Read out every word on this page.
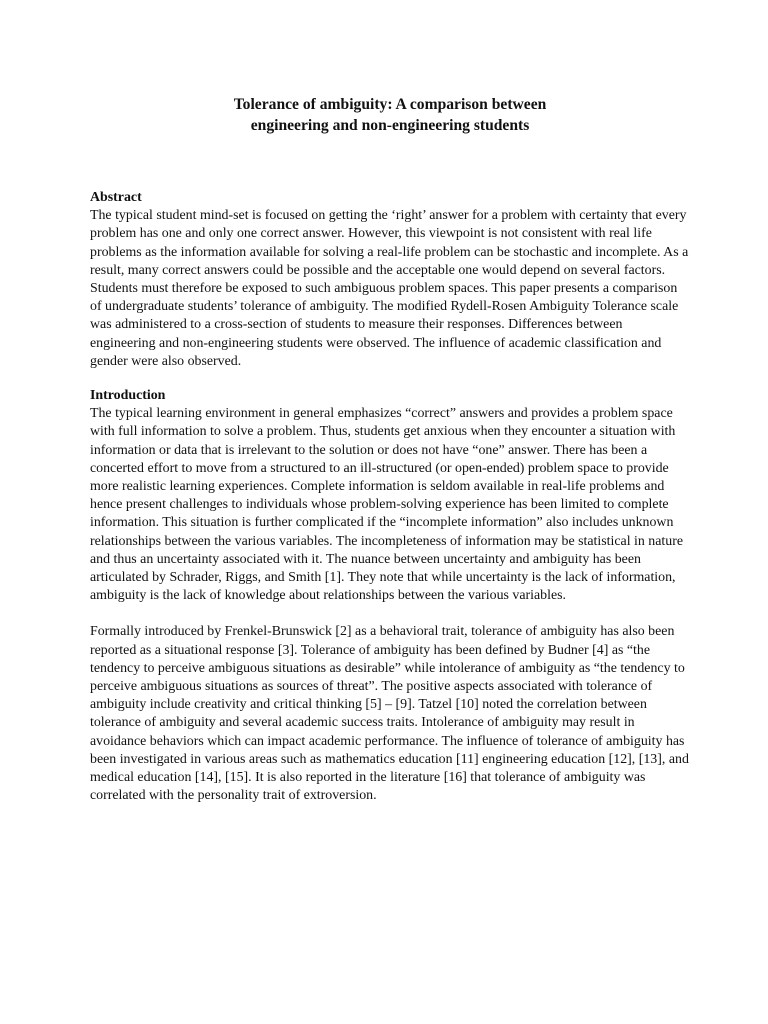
Tolerance of ambiguity: A comparison between
engineering and non-engineering students
Abstract

The typical student mind-set is focused on getting the ‘right’ answer for a problem with certainty that every problem has one and only one correct answer. However, this viewpoint is not consistent with real life problems as the information available for solving a real-life problem can be stochastic and incomplete. As a result, many correct answers could be possible and the acceptable one would depend on several factors. Students must therefore be exposed to such ambiguous problem spaces. This paper presents a comparison of undergraduate students’ tolerance of ambiguity. The modified Rydell-Rosen Ambiguity Tolerance scale was administered to a cross-section of students to measure their responses. Differences between engineering and non-engineering students were observed. The influence of academic classification and gender were also observed.

Introduction

The typical learning environment in general emphasizes “correct” answers and provides a problem space with full information to solve a problem. Thus, students get anxious when they encounter a situation with information or data that is irrelevant to the solution or does not have “one” answer. There has been a concerted effort to move from a structured to an ill-structured (or open-ended) problem space to provide more realistic learning experiences. Complete information is seldom available in real-life problems and hence present challenges to individuals whose problem-solving experience has been limited to complete information. This situation is further complicated if the “incomplete information” also includes unknown relationships between the various variables. The incompleteness of information may be statistical in nature and thus an uncertainty associated with it. The nuance between uncertainty and ambiguity has been articulated by Schrader, Riggs, and Smith [1]. They note that while uncertainty is the lack of information, ambiguity is the lack of knowledge about relationships between the various variables.

Formally introduced by Frenkel-Brunswick [2] as a behavioral trait, tolerance of ambiguity has also been reported as a situational response [3]. Tolerance of ambiguity has been defined by Budner [4] as “the tendency to perceive ambiguous situations as desirable” while intolerance of ambiguity as “the tendency to perceive ambiguous situations as sources of threat”. The positive aspects associated with tolerance of ambiguity include creativity and critical thinking [5] – [9]. Tatzel [10] noted the correlation between tolerance of ambiguity and several academic success traits. Intolerance of ambiguity may result in avoidance behaviors which can impact academic performance. The influence of tolerance of ambiguity has been investigated in various areas such as mathematics education [11] engineering education [12], [13], and medical education [14], [15]. It is also reported in the literature [16] that tolerance of ambiguity was correlated with the personality trait of extroversion.
